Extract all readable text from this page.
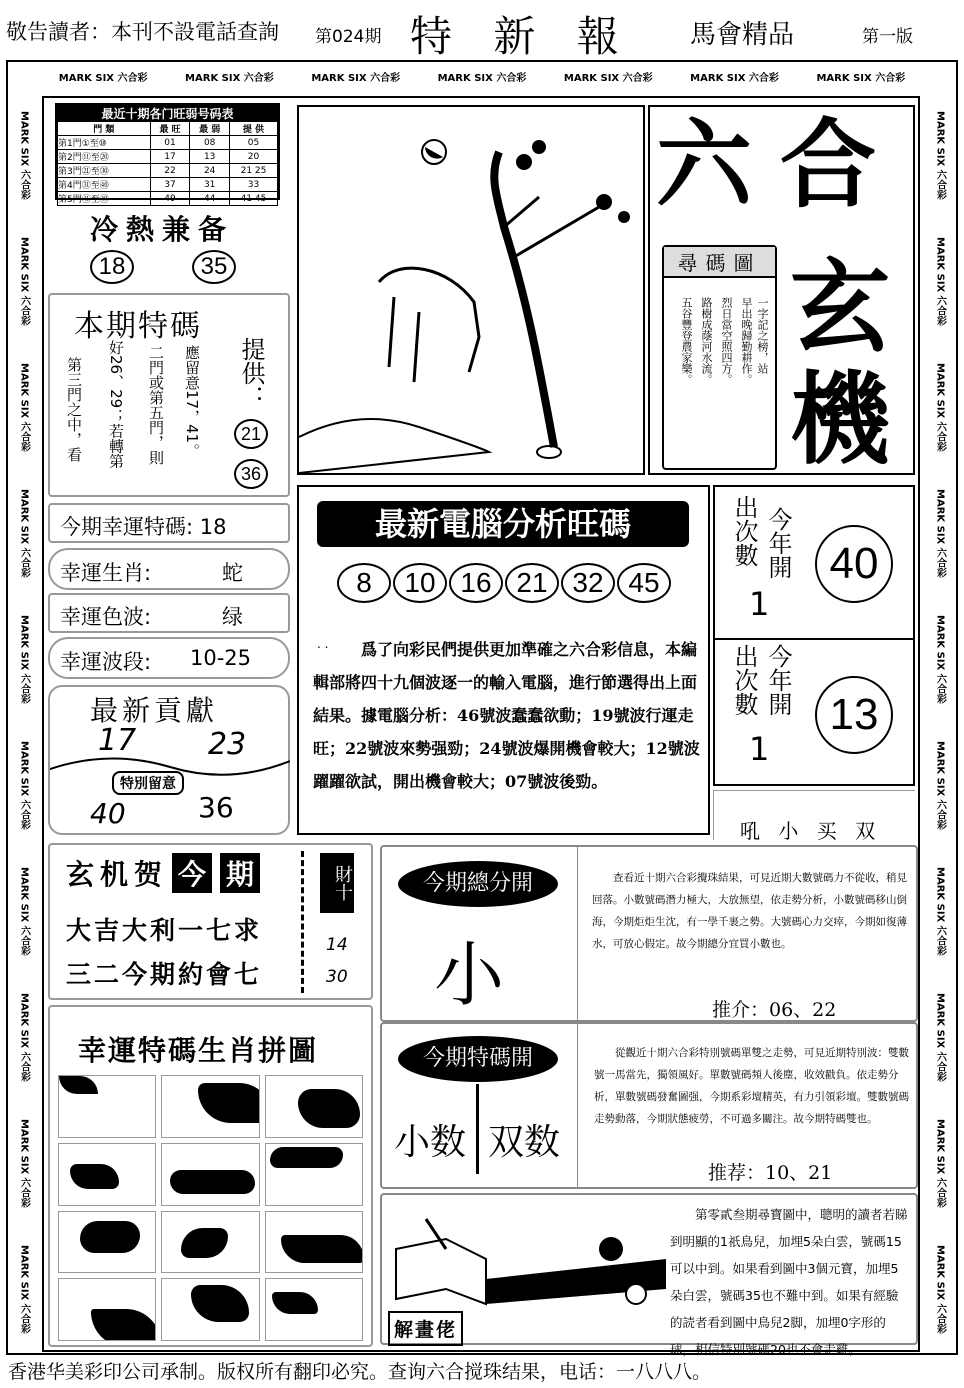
敬告讀者：本刊不設電話查詢 第024期 特 新 報 馬會精品	第一版
MARK SIX 六合彩	MARK SIX 六合彩	MARK SIX 六合彩	MARK SIX 六合彩	MARK SIX 六合彩	MARK SIX 六合彩	MARK SIX 六合彩
MARK SIX 六合彩
MARK SIX 六合彩
MARK SIX 六合彩
MARK SIX 六合彩
MARK SIX 六合彩
MARK SIX 六合彩
MARK SIX 六合彩
MARK SIX 六合彩
MARK SIX 六合彩
MARK SIX 六合彩
MARK SIX 六合彩
MARK SIX 六合彩
MARK SIX 六合彩
MARK SIX 六合彩
MARK SIX 六合彩
MARK SIX 六合彩
MARK SIX 六合彩
MARK SIX 六合彩
MARK SIX 六合彩
MARK SIX 六合彩
最近十期各门旺弱号码表
門 類	最 旺	最 弱	提 供
第1門①至⑩	01	08	05
第2門⑪至⑳	17	13	20
第3門㉑至㉚	22	24	21 25
第4門㉛至㊵	37	31	33
第5門㊶至㊾	49	44	41 45
冷熱兼备
18	35
本期特碼
應留意17，41。
二門或第五門，則
好26、29；若轉第
第三門之中，看	提供：
21
36
今期幸運特碼: 18
幸運生肖:	蛇
幸運色波:	绿
幸運波段: 10-25
最新貢獻
17 23
特別留意
40	36
玄机贺 今 期
大吉大利一七求
三二今期約會七
財十
14
30
幸運特碼生肖拼圖
六 合
玄
機
尋碼圖
一字記之榜，站
早出晚歸勤耕作。
烈日當空照四方。
路樹成蔭河水流。
五谷豐登農家樂。
最新電腦分析旺碼
8	10 16 21 32 45
. .	爲了向彩民們提供更加準確之六合彩信息，本編輯部將四十九個波逐一的輸入電腦，進行節選得出上面結果。據電腦分析：46號波蠢蠢欲動；19號波行運走旺；22號波來勢强勁；24號波爆開機會較大；12號波躍躍欲試，開出機會較大；07號波後勁。
今年開
出次數
1
40
今年開
出次數
1
13
吼 小 买 双
今期總分開
小
查看近十期六合彩攪珠結果，可見近期大數號碼力不從收，稍見回落。小數號碼潛力極大，大放無望，依走勢分析，小數號碼移山倒海，今期炬炬生沈，有一學千裹之勢。大號碼心力交瘁，今期如復薄水，可放心假定。故今期總分宜買小數也。
推介：06、22
今期特碼開
小数 双数
從觀近十期六合彩特別號碼單雙之走勢，可見近期特別波：雙數號一馬當先，獨領風好。單數號碼頻人後塵，收效戳負。依走勢分析，單數號碼發奮圖强，今期系彩壇精英，有力引領彩壇。雙數號碼走勢動落，今期狀態疲勞，不可過多關注。故今期特碼雙也。
推荐：10、21
解畫佬
第零貳叁期尋寶圖中，聰明的讀者若睇到明顯的1祇鳥兒，加埋5朵白雲，號碼15可以中到。如果看到圖中3個元寶，加埋5朵白雲，號碼35也不難中到。如果有經驗的読者看到圖中鳥兒2脚，加埋0字形的球，相信特別號碼20也不會走雞。
香港华美彩印公司承制。版权所有翻印必究。查询六合搅珠结果，电话：一八八八。
